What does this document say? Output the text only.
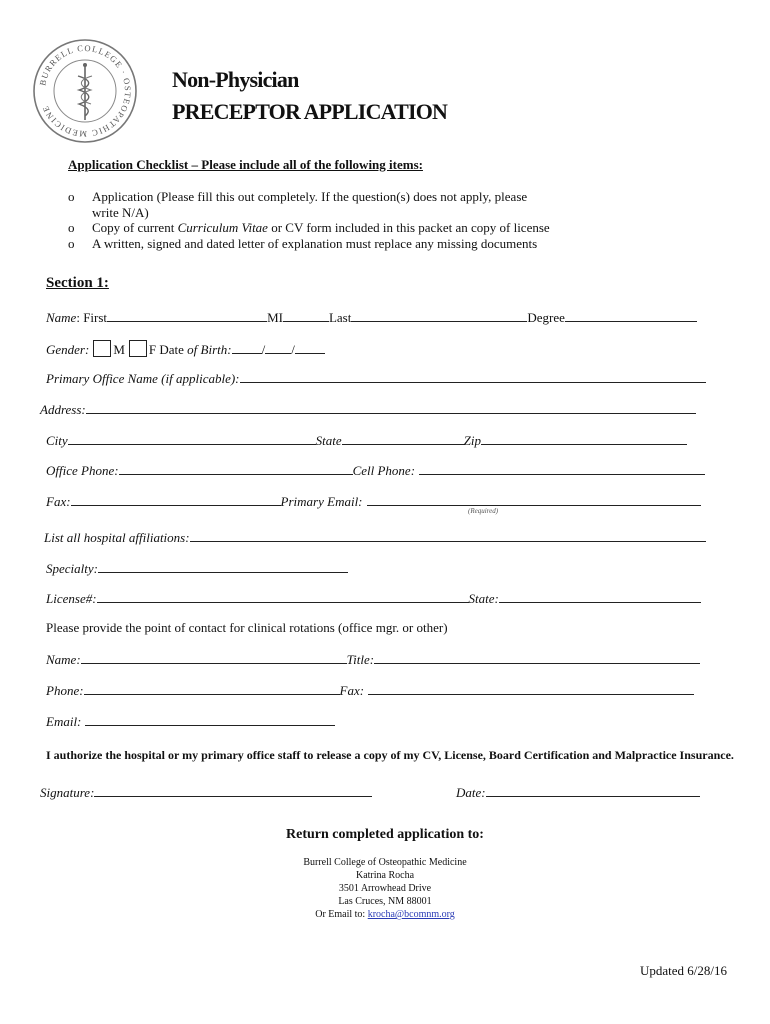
BURRELL COLLEGE · OSTEOPATHIC MEDICINE
Non-Physician
PRECEPTOR APPLICATION
Application Checklist – Please include all of the following items:
o Application (Please fill this out completely. If the question(s) does not apply, please
write N/A)
o Copy of current Curriculum Vitae or CV form included in this packet an copy of license
o A written, signed and dated letter of explanation must replace any missing documents
Section 1:
Name: First	MI	Last	Degree
Gender: M F Date of Birth: / /
Primary Office Name (if applicable):
Address:
City	State	Zip
Office Phone:	Cell Phone:
Fax:	Primary Email:
(Required)
List all hospital affiliations:
Specialty:
License#:	State:
Please provide the point of contact for clinical rotations (office mgr. or other)
Name:	Title:
Phone:	Fax:
Email:
I authorize the hospital or my primary office staff to release a copy of my CV, License, Board Certification and Malpractice Insurance.
Signature:	Date:
Return completed application to:
Burrell College of Osteopathic Medicine
Katrina Rocha
3501 Arrowhead Drive
Las Cruces, NM 88001
Or Email to: krocha@bcomnm.org
Updated 6/28/16
